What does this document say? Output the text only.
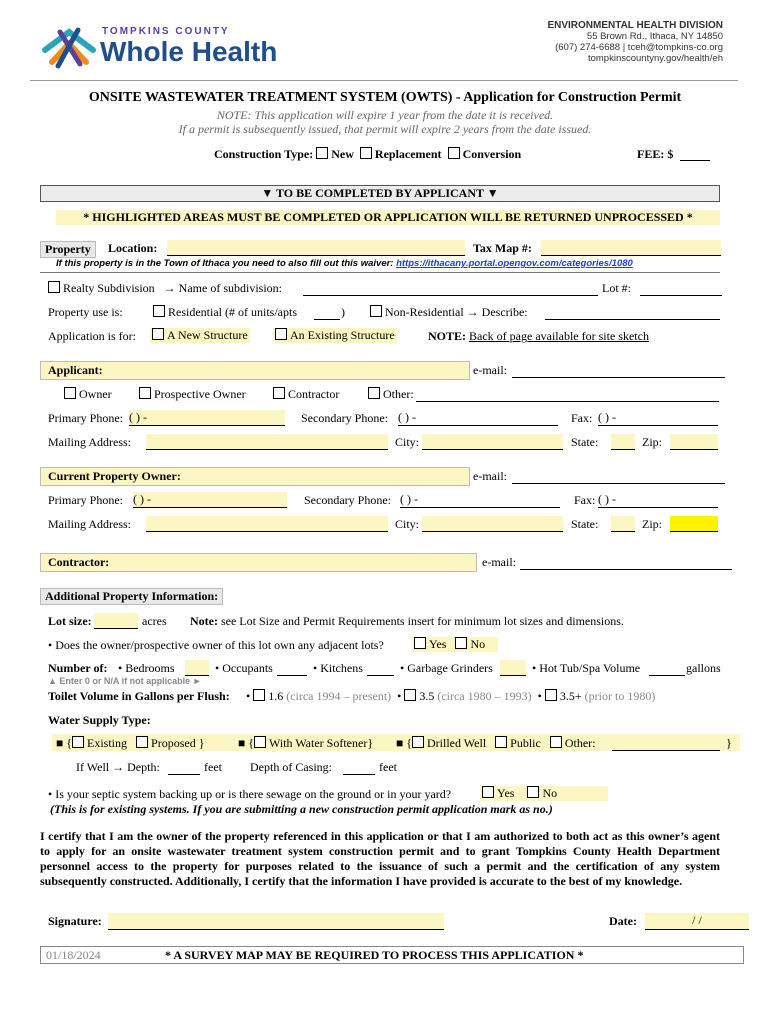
TOMPKINS COUNTY
Whole Health
ENVIRONMENTAL HEALTH DIVISION
55 Brown Rd., Ithaca, NY 14850
(607) 274-6688 | tceh@tompkins-co.org
tompkinscountyny.gov/health/eh
ONSITE WASTEWATER TREATMENT SYSTEM (OWTS) - Application for Construction Permit
NOTE: This application will expire 1 year from the date it is received.
If a permit is subsequently issued, that permit will expire 2 years from the date issued.
Construction Type: New Replacement Conversion	FEE: $
▼ TO BE COMPLETED BY APPLICANT ▼
* HIGHLIGHTED AREAS MUST BE COMPLETED OR APPLICATION WILL BE RETURNED UNPROCESSED *
Property	Location:	Tax Map #:
If this property is in the Town of Ithaca you need to also fill out this waiver: https://ithacany.portal.opengov.com/categories/1080
Realty Subdivision → Name of subdivision:	Lot #:
Property use is:	Residential (# of units/apts	)	Non-Residential → Describe:
Application is for:	A New Structure	An Existing Structure	NOTE: Back of page available for site sketch
Applicant:	e-mail:
Owner	Prospective Owner	Contractor	Other:
Primary Phone: ( ) -	Secondary Phone: ( ) -	Fax: ( ) -
Mailing Address:	City:	State:	Zip:
Current Property Owner:	e-mail:
Primary Phone: ( ) -	Secondary Phone: ( ) -	Fax: ( ) -
Mailing Address:	City:	State:	Zip:
Contractor:	e-mail:
Additional Property Information:
Lot size:	acres Note: see Lot Size and Permit Requirements insert for minimum lot sizes and dimensions.
• Does the owner/prospective owner of this lot own any adjacent lots?	Yes No
Number of: • Bedrooms	• Occupants	• Kitchens	• Garbage Grinders	• Hot Tub/Spa Volume	gallons
▲ Enter 0 or N/A if not applicable ►
Toilet Volume in Gallons per Flush: • 1.6 (circa 1994 – present)  • 3.5 (circa 1980 – 1993)  • 3.5+ (prior to 1980)
Water Supply Type:
■ { Existing Proposed }	■ { With Water Softener} ■ { Drilled Well Public Other:	}
If Well → Depth:	feet Depth of Casing:	feet
• Is your septic system backing up or is there sewage on the ground or in your yard?	Yes No
(This is for existing systems. If you are submitting a new construction permit application mark as no.)
I certify that I am the owner of the property referenced in this application or that I am authorized to both act as this owner’s agent to apply for an onsite wastewater treatment system construction permit and to grant Tompkins County Health Department personnel access to the property for purposes related to the issuance of such a permit and the certification of any system subsequently constructed. Additionally, I certify that the information I have provided is accurate to the best of my knowledge.
Signature:	Date:	/ /
01/18/2024	* A SURVEY MAP MAY BE REQUIRED TO PROCESS THIS APPLICATION *
